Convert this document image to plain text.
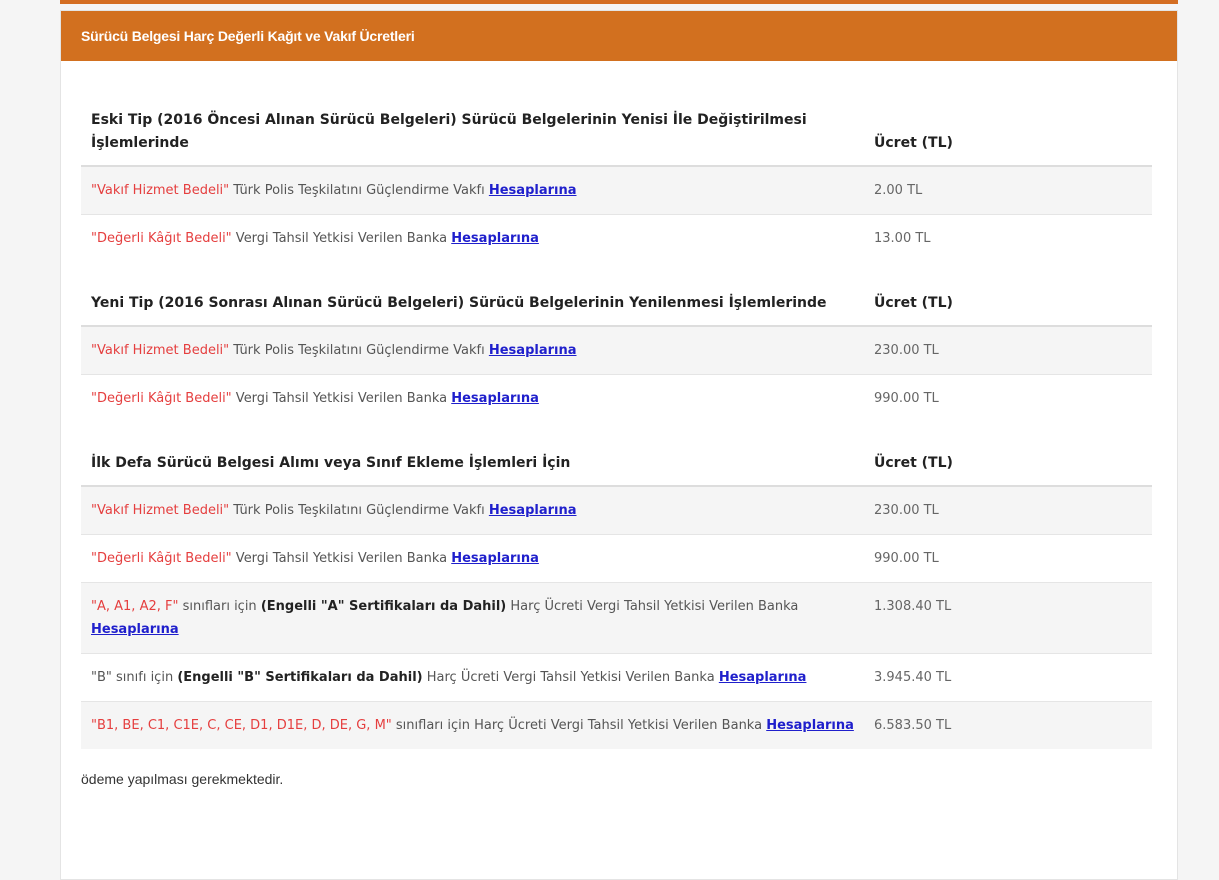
Sürücü Belgesi Harç Değerli Kağıt ve Vakıf Ücretleri
Eski Tip (2016 Öncesi Alınan Sürücü Belgeleri) Sürücü Belgelerinin Yenisi İle Değiştirilmesi İşlemlerinde	Ücret (TL)
"Vakıf Hizmet Bedeli" Türk Polis Teşkilatını Güçlendirme Vakfı Hesaplarına	2.00 TL
"Değerli Kâğıt Bedeli" Vergi Tahsil Yetkisi Verilen Banka Hesaplarına	13.00 TL
Yeni Tip (2016 Sonrası Alınan Sürücü Belgeleri) Sürücü Belgelerinin Yenilenmesi İşlemlerinde	Ücret (TL)
"Vakıf Hizmet Bedeli" Türk Polis Teşkilatını Güçlendirme Vakfı Hesaplarına	230.00 TL
"Değerli Kâğıt Bedeli" Vergi Tahsil Yetkisi Verilen Banka Hesaplarına	990.00 TL
İlk Defa Sürücü Belgesi Alımı veya Sınıf Ekleme İşlemleri İçin	Ücret (TL)
"Vakıf Hizmet Bedeli" Türk Polis Teşkilatını Güçlendirme Vakfı Hesaplarına	230.00 TL
"Değerli Kâğıt Bedeli" Vergi Tahsil Yetkisi Verilen Banka Hesaplarına	990.00 TL
"A, A1, A2, F" sınıfları için (Engelli "A" Sertifikaları da Dahil) Harç Ücreti Vergi Tahsil Yetkisi Verilen Banka Hesaplarına	1.308.40 TL
"B" sınıfı için (Engelli "B" Sertifikaları da Dahil) Harç Ücreti Vergi Tahsil Yetkisi Verilen Banka Hesaplarına	3.945.40 TL
"B1, BE, C1, C1E, C, CE, D1, D1E, D, DE, G, M" sınıfları için Harç Ücreti Vergi Tahsil Yetkisi Verilen Banka Hesaplarına	6.583.50 TL
ödeme yapılması gerekmektedir.
